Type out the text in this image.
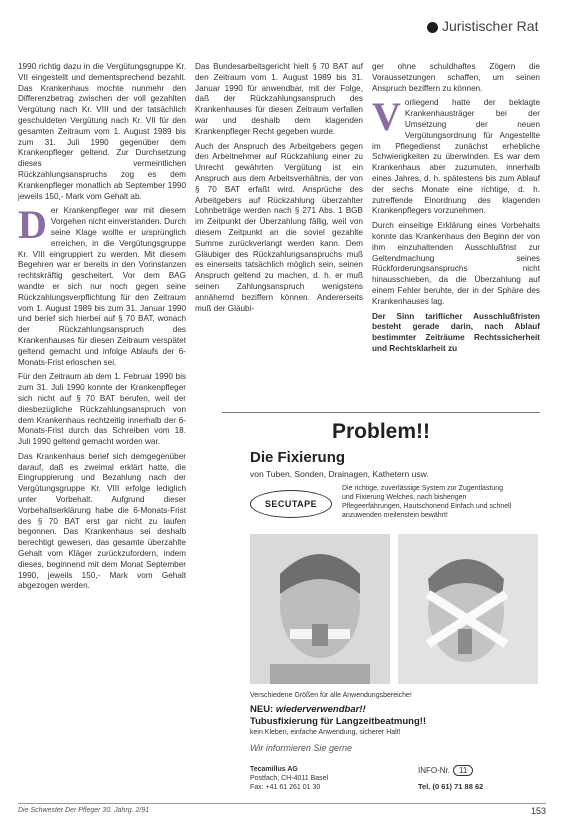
Juristischer Rat

1990 richtig dazu in die Vergütungsgruppe Kr. VII eingestellt und dementsprechend bezahlt. Das Krankenhaus mochte nunmehr den Differenzbetrag zwischen der voll gezahlten Vergütung nach Kr. VIII und der tatsächlich geschuldeten Vergütung nach Kr. VII für den gesamten Zeitraum vom 1. August 1989 bis zum 31. Juli 1990 gegenüber dem Krankenpfleger geltend. Zur Durchsetzung dieses vermeintlichen Rückzahlungsanspruchs zog es dem Krankenpfleger monatlich ab September 1990 jeweils 150,- Mark vom Gehalt ab.

Der Krankenpfleger war mit diesem Vorgehen nicht einverstanden. Durch seine Klage wollte er ursprünglich erreichen, in die Vergütungsgruppe Kr. VIII eingruppiert zu werden. Mit diesem Begehren war er bereits in den Vorinstanzen rechtskräftig gescheitert. Vor dem BAG wandte er sich nur noch gegen seine Rückzahlungsverpflichtung für den Zeitraum vom 1. August 1989 bis zum 31. Januar 1990 und berief sich hierbei auf § 70 BAT, wonach der Rückzahlungsanspruch des Krankenhauses für diesen Zeitraum verspätet geltend gemacht und infolge Ablaufs der 6-Monats-Frist erloschen sei.

Für den Zeitraum ab dem 1. Februar 1990 bis zum 31. Juli 1990 konnte der Krankenpfleger sich nicht auf § 70 BAT berufen, weil der diesbezügliche Rückzahlungsanspruch von dem Krankenhaus rechtzeitig innerhalb der 6-Monats-Frist durch das Schreiben vom 18. Juli 1990 geltend gemacht worden war.

Das Krankenhaus berief sich demgegenüber darauf, daß es zweimal erklärt hatte, die Eingruppierung und Bezahlung nach der Vergütungsgruppe Kr. VIII erfolge lediglich unter Vorbehalt. Aufgrund dieser Vorbehaltserklärung habe die 6-Monats-Frist des § 70 BAT erst gar nicht zu laufen begonnen. Das Krankenhaus sei deshalb berechtigt gewesen, das gesamte überzahlte Gehalt vom Kläger zurückzufordern, indem dieses, beginnend mit dem Monat September 1990, jeweils 150,- Mark vom Gehalt abgezogen werden.

Das Bundesarbeitsgericht hielt § 70 BAT auf den Zeitraum vom 1. August 1989 bis 31. Januar 1990 für anwendbar, mit der Folge, daß der Rückzahlungsanspruch des Krankenhauses für diesen Zeitraum verfallen war und deshalb dem klagenden Krankenpfleger Recht gegeben wurde.

Auch der Anspruch des Arbeitgebers gegen den Arbeitnehmer auf Rückzahlung einer zu Unrecht gewährten Vergütung ist ein Anspruch aus dem Arbeitsverhältnis, der von § 70 BAT erfaßt wird. Ansprüche des Arbeitgebers auf Rückzahlung überzahlter Lohnbeträge werden nach § 271 Abs. 1 BGB im Zeitpunkt der Überzahlung fällig, weil von diesem Zeitpunkt an die soviel gezahlte Summe zurückverlangt werden kann. Dem Gläubiger des Rückzahlungsanspruchs muß es einerseits tatsächlich möglich sein, seinen Anspruch geltend zu machen, d. h. er muß seinen Zahlungsanspruch wenigstens annähernd beziffern können. Andererseits muß der Gläubi-

ger ohne schuldhaftes Zögern die Voraussetzungen schaffen, um seinen Anspruch beziffern zu können.

Vorliegend hatte der beklagte Krankenhausträger bei der Umsetzung der neuen Vergütungsordnung für Angestellte im Pflegedienst zunächst erhebliche Schwierigkeiten zu überwinden. Es war dem Krankenhaus aber zuzumuten, innerhalb eines Jahres, d. h. spätestens bis zum Ablauf der sechs Monate eine richtige, d. h. zutreffende Einordnung des klagenden Krankenpflegers vorzunehmen.

Durch einseitige Erklärung eines Vorbehalts konnte das Krankenhaus den Beginn der von ihm einzuhaltenden Ausschlußfrist zur Geltendmachung seines Rückforderungsanspruchs nicht hinausschieben, da die Überzahlung auf einem Fehler beruhte, der in der Sphäre des Krankenhauses lag.

Der Sinn tariflicher Ausschlußfristen besteht gerade darin, nach Ablauf bestimmter Zeiträume Rechtssicherheit und Rechtsklarheit zu

Problem!!
Die Fixierung
von Tuben, Sonden, Drainagen, Kathetern usw.
SECUTAPE
Die richtige, zuverlässige System zur Zugentlastung und Fixierung Welches, nach bisherigen Pflegeerfahrungen, Hautschonend Einfach und schnell anzuwenden meilenstein bewährt!
Verschiedene Größen für alle Anwendungsbereiche!
NEU: wiederverwendbar!!
Tubusfixierung für Langzeitbeatmung!!
kein Kleben, einfache Anwendung, sicherer Halt!
Wir informieren Sie gerne
Tecamillus AG
Postfach, CH-4011 Basel
Fax: +41 61 261 01 30
INFO-Nr.	11
Tel. (0 61) 71 88 62
Die Schwester Der Pfleger 30. Jahrg. 2/91	153
